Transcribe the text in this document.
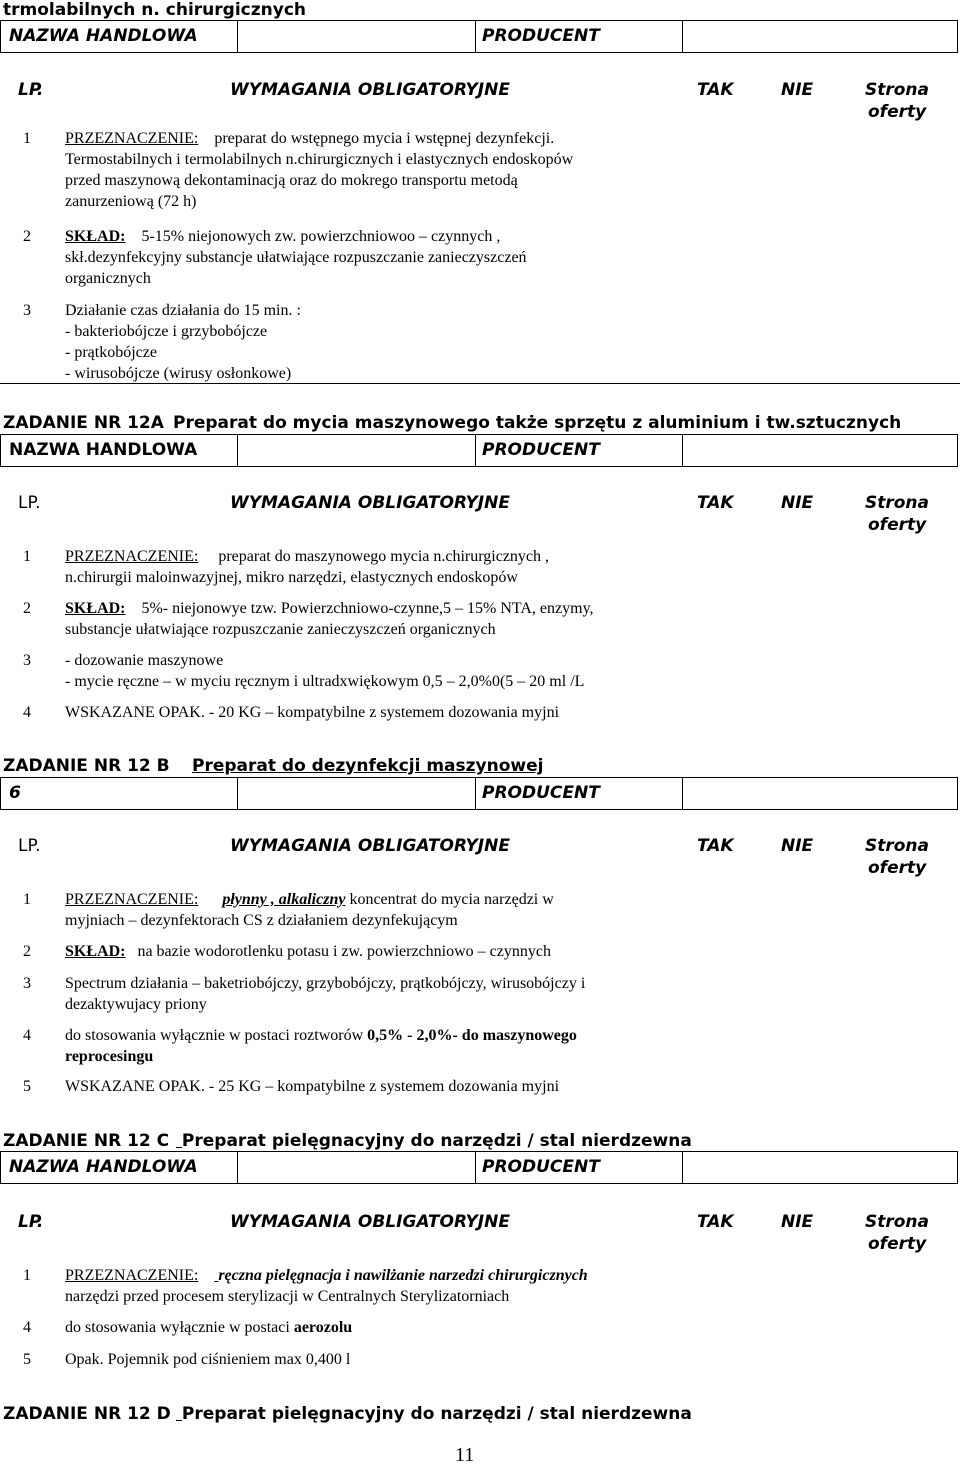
trmolabilnych n. chirurgicznych
NAZWA HANDLOWA	PRODUCENT
LP.	WYMAGANIA OBLIGATORYJNE	TAK	NIE	Strona
oferty
1 PRZEZNACZENIE: preparat do wstępnego mycia i wstępnej dezynfekcji.
Termostabilnych i termolabilnych n.chirurgicznych i elastycznych endoskopów
przed maszynową dekontaminacją oraz do mokrego transportu metodą
zanurzeniową (72 h)
2 SKŁAD: 5-15% niejonowych zw. powierzchniowoo – czynnych ,
skł.dezynfekcyjny substancje ułatwiające rozpuszczanie zanieczyszczeń
organicznych
3 Działanie czas działania do 15 min. :
- bakteriobójcze i grzybobójcze
- prątkobójcze
- wirusobójcze (wirusy osłonkowe)
ZADANIE NR 12A Preparat do mycia maszynowego także sprzętu z aluminium i tw.sztucznych
NAZWA HANDLOWA	PRODUCENT
LP.	WYMAGANIA OBLIGATORYJNE	TAK	NIE	Strona
oferty
1 PRZEZNACZENIE: preparat do maszynowego mycia n.chirurgicznych ,
n.chirurgii maloinwazyjnej, mikro narzędzi, elastycznych endoskopów
2 SKŁAD: 5%- niejonowye tzw. Powierzchniowo-czynne,5 – 15% NTA, enzymy,
substancje ułatwiające rozpuszczanie zanieczyszczeń organicznych
3 - dozowanie maszynowe
- mycie ręczne – w myciu ręcznym i ultradxwiękowym 0,5 – 2,0%0(5 – 20 ml /L
4 WSKAZANE OPAK. - 20 KG – kompatybilne z systemem dozowania myjni
ZADANIE NR 12 B Preparat do dezynfekcji maszynowej
6	PRODUCENT
LP.	WYMAGANIA OBLIGATORYJNE	TAK	NIE	Strona
oferty
1 PRZEZNACZENIE: płynny , alkaliczny koncentrat do mycia narzędzi w
myjniach – dezynfektorach CS z działaniem dezynfekującym
2 SKŁAD: na bazie wodorotlenku potasu i zw. powierzchniowo – czynnych
3 Spectrum działania – baketriobójczy, grzybobójczy, prątkobójczy, wirusobójczy i
dezaktywujacy priony
4 do stosowania wyłącznie w postaci roztworów 0,5% - 2,0%- do maszynowego
reprocesingu
5 WSKAZANE OPAK. - 25 KG – kompatybilne z systemem dozowania myjni
ZADANIE NR 12 C Preparat pielęgnacyjny do narzędzi / stal nierdzewna
NAZWA HANDLOWA	PRODUCENT
LP.	WYMAGANIA OBLIGATORYJNE	TAK	NIE	Strona
oferty
1 PRZEZNACZENIE: ręczna pielęgnacja i nawilżanie narzedzi chirurgicznych
narzędzi przed procesem sterylizacji w Centralnych Sterylizatorniach
4 do stosowania wyłącznie w postaci aerozolu
5 Opak. Pojemnik pod ciśnieniem max 0,400 l
ZADANIE NR 12 D Preparat pielęgnacyjny do narzędzi / stal nierdzewna
11
